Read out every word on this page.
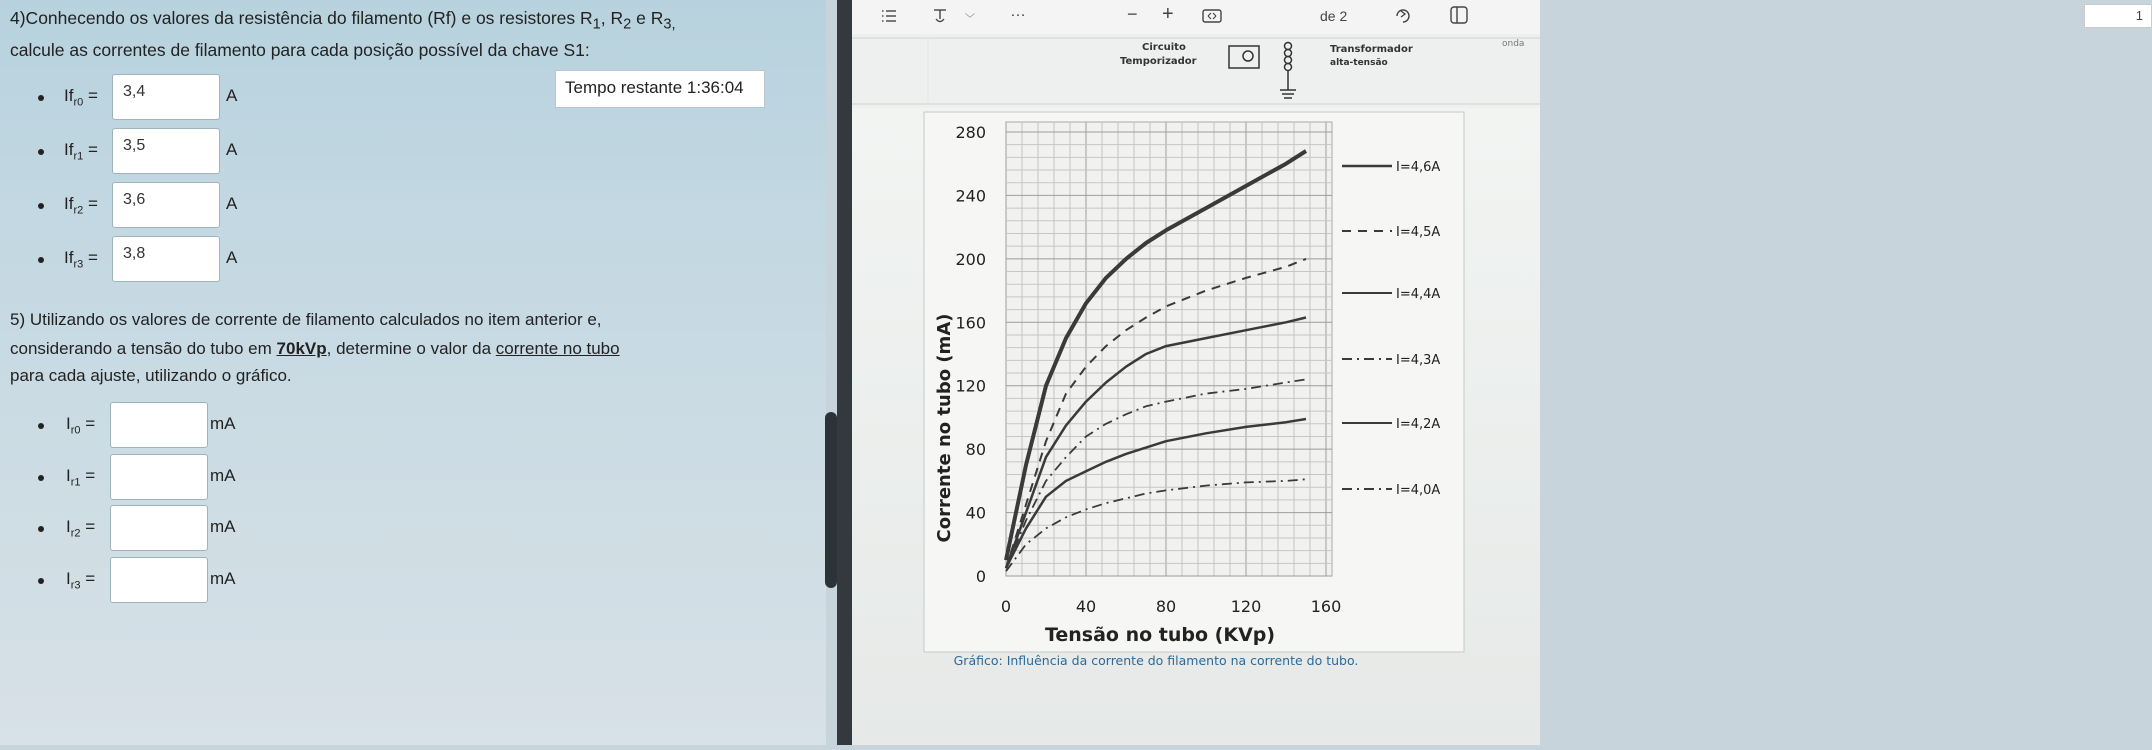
4)Conhecendo os valores da resistência do filamento (Rf) e os resistores $R_1$, $R_2$ e $R_{3,}$
calcule as correntes de filamento para cada posição possível da chave S1:
$If_{r0}$ =	3,4	A
$If_{r1}$ =	3,5	A
$If_{r2}$ =	3,6	A
$If_{r3}$ =	3,8	A
Tempo restante 1:36:04
5) Utilizando os valores de corrente de filamento calculados no item anterior e,
considerando a tensão do tubo em 70kVp, determine o valor da corrente no tubo
para cada ajuste, utilizando o gráfico.
$I_{r0}$ =	mA
$I_{r1}$ =	mA
$I_{r2}$ =	mA
$I_{r3}$ =	mA
﹀ …	− +	1
de 2
Circuito
Temporizador
Transformador
alta-tensão
onda
0
40
80
120
160
200
240
280
0	40	80	120	160
I=4,6A
I=4,5A
I=4,4A
I=4,3A
I=4,2A
I=4,0A
Corrente no tubo (mA)
Tensão no tubo (KVp)
Gráfico: Influência da corrente do filamento na corrente do tubo.
